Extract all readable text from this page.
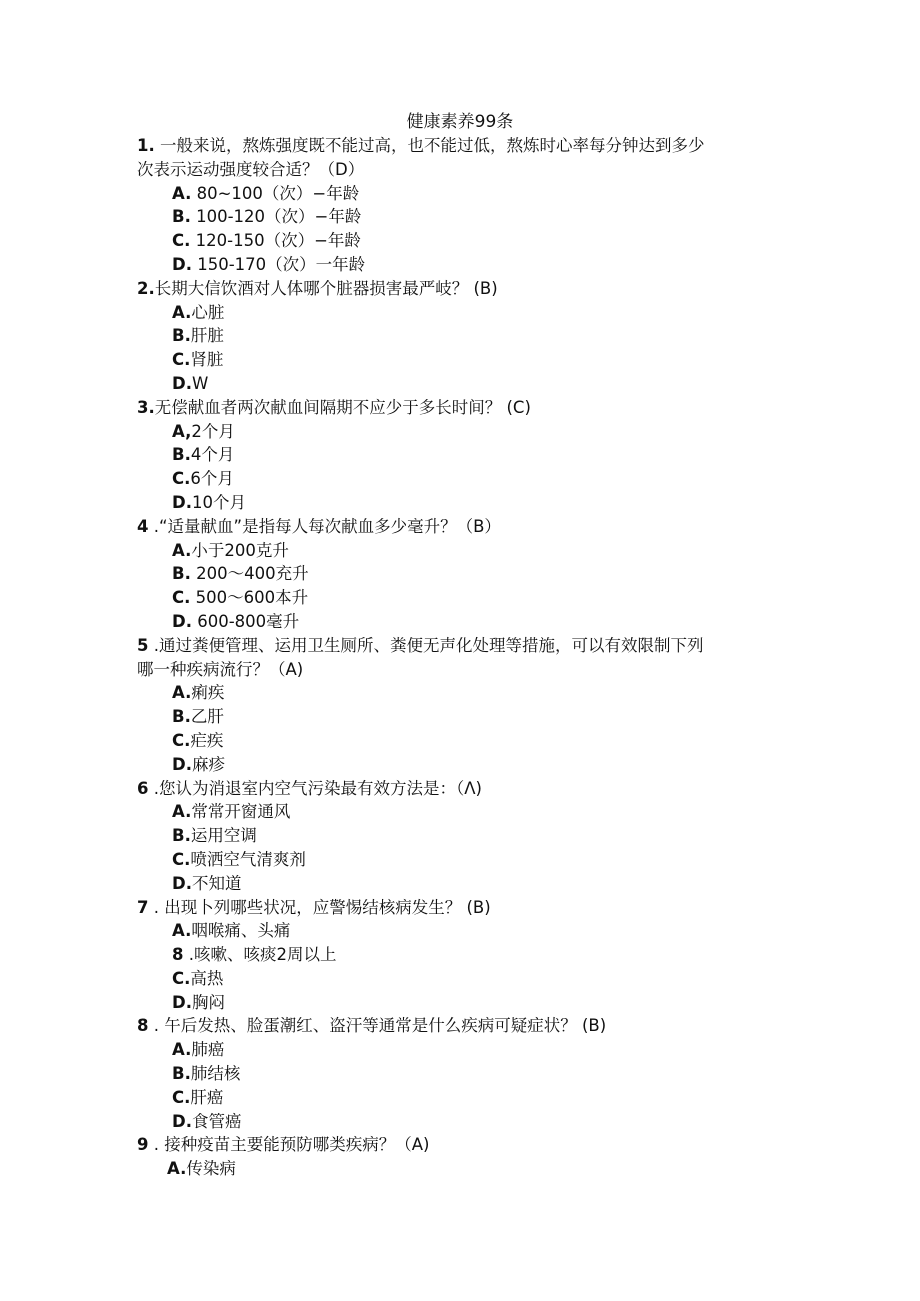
健康素养99条
1. 一般来说，熬炼强度既不能过高，也不能过低，熬炼时心率每分钟达到多少
次表示运动强度较合适？（D）
A. 80~100（次）−年龄
B. 100-120（次）−年龄
C. 120-150（次）−年龄
D. 150-170（次）一年龄
2.长期大信饮酒对人体哪个脏器损害最严岐？ (B)
A.心脏
B.肝脏
C.肾脏
D.W
3.无偿献血者两次献血间隔期不应少于多长时间？ (C)
A,2个月
B.4个月
C.6个月
D.10个月
4 .“适量献血”是指每人每次献血多少毫升？（B）
A.小于200克升
B. 200〜400充升
C. 500〜600本升
D. 600-800毫升
5 .通过粪便管理、运用卫生厕所、粪便无声化处理等措施，可以有效限制下列
哪一种疾病流行？（A)
A.痢疾
B.乙肝
C.疟疾
D.麻疹
6 .您认为消退室内空气污染最有效方法是：（Λ)
A.常常开窗通风
B.运用空调
C.喷洒空气清爽剂
D.不知道
7 . 出现卜列哪些状况，应警惕结核病发生？ (B)
A.咽喉痛、头痛
8 .咳嗽、咳痰2周以上
C.高热
D.胸闷
8 . 午后发热、脸蛋潮红、盗汗等通常是什么疾病可疑症状？ (B)
A.肺癌
B.肺结核
C.肝癌
D.食管癌
9 . 接种疫苗主要能预防哪类疾病？（A)
A.传染病
